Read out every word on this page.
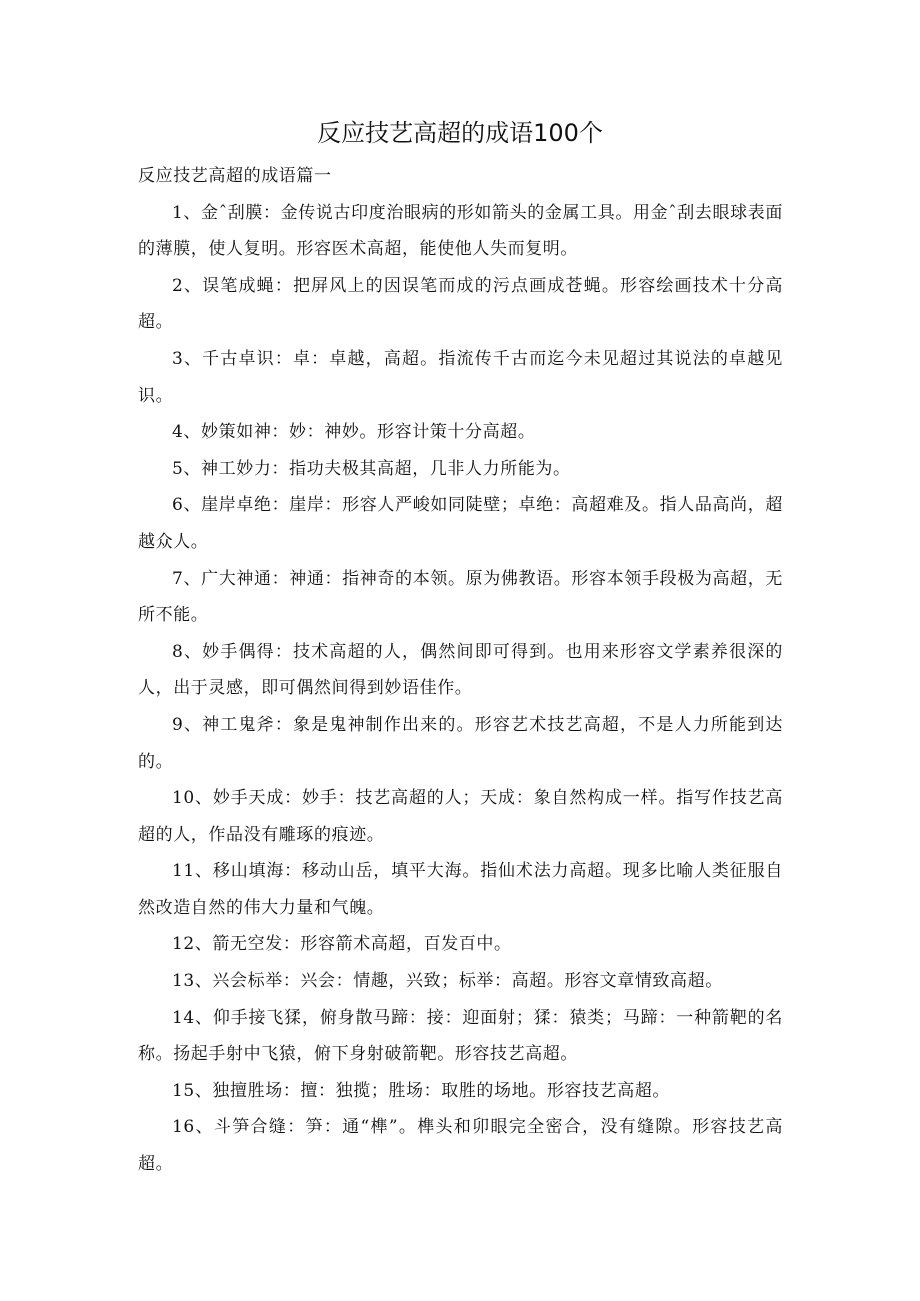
反应技艺高超的成语100个

反应技艺高超的成语篇一

1、金ˆ刮膜：金传说古印度治眼病的形如箭头的金属工具。用金ˆ刮去眼球表面的薄膜，使人复明。形容医术高超，能使他人失而复明。

2、误笔成蝇：把屏风上的因误笔而成的污点画成苍蝇。形容绘画技术十分高超。

3、千古卓识：卓：卓越，高超。指流传千古而迄今未见超过其说法的卓越见识。

4、妙策如神：妙：神妙。形容计策十分高超。

5、神工妙力：指功夫极其高超，几非人力所能为。

6、崖岸卓绝：崖岸：形容人严峻如同陡壁；卓绝：高超难及。指人品高尚，超越众人。

7、广大神通：神通：指神奇的本领。原为佛教语。形容本领手段极为高超，无所不能。

8、妙手偶得：技术高超的人，偶然间即可得到。也用来形容文学素养很深的人，出于灵感，即可偶然间得到妙语佳作。

9、神工鬼斧：象是鬼神制作出来的。形容艺术技艺高超，不是人力所能到达的。

10、妙手天成：妙手：技艺高超的人；天成：象自然构成一样。指写作技艺高超的人，作品没有雕琢的痕迹。

11、移山填海：移动山岳，填平大海。指仙术法力高超。现多比喻人类征服自然改造自然的伟大力量和气魄。

12、箭无空发：形容箭术高超，百发百中。

13、兴会标举：兴会：情趣，兴致；标举：高超。形容文章情致高超。

14、仰手接飞猱，俯身散马蹄：接：迎面射；猱：猿类；马蹄：一种箭靶的名称。扬起手射中飞猿，俯下身射破箭靶。形容技艺高超。

15、独擅胜场：擅：独揽；胜场：取胜的场地。形容技艺高超。

16、斗笋合缝：笋：通“榫”。榫头和卯眼完全密合，没有缝隙。形容技艺高超。
